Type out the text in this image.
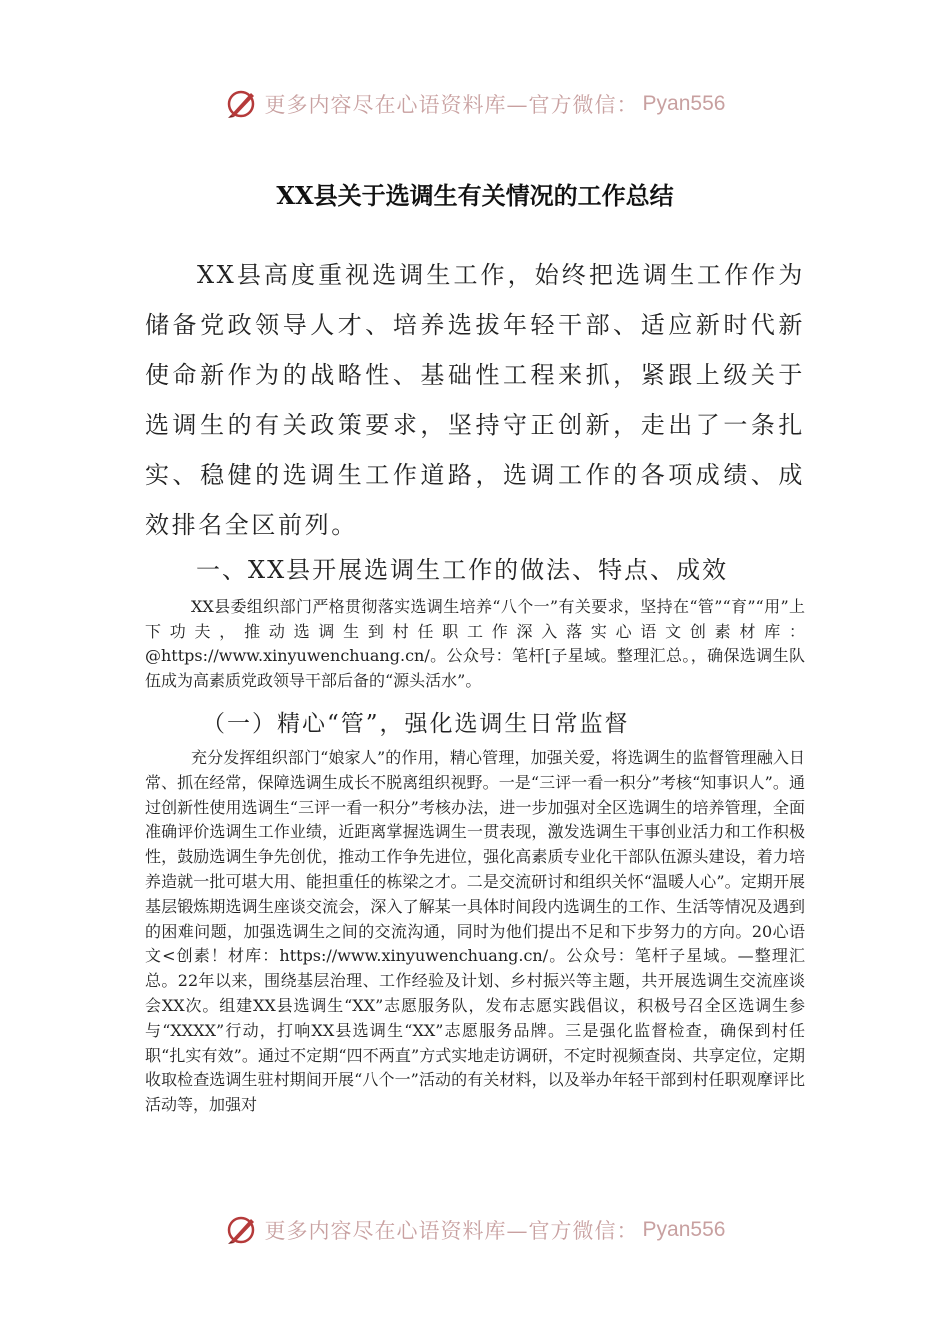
更多内容尽在心语资料库—官方微信： Pyan556
XX县关于选调生有关情况的工作总结

XX县高度重视选调生工作，始终把选调生工作作为储备党政领导人才、培养选拔年轻干部、适应新时代新使命新作为的战略性、基础性工程来抓，紧跟上级关于选调生的有关政策要求，坚持守正创新，走出了一条扎实、稳健的选调生工作道路，选调工作的各项成绩、成效排名全区前列。

一、XX县开展选调生工作的做法、特点、成效

XX县委组织部门严格贯彻落实选调生培养“八个一”有关要求，坚持在“管”“育”“用”上下功夫，推动选调生到村任职工作深入落实心语文创素材库：@https://www.xinyuwenchuang.cn/。公众号：笔杆[子星域。整理汇总。，确保选调生队伍成为高素质党政领导干部后备的“源头活水”。

（一）精心“管”，强化选调生日常监督

充分发挥组织部门“娘家人”的作用，精心管理，加强关爱，将选调生的监督管理融入日常、抓在经常，保障选调生成长不脱离组织视野。一是“三评一看一积分”考核“知事识人”。通过创新性使用选调生“三评一看一积分”考核办法，进一步加强对全区选调生的培养管理，全面准确评价选调生工作业绩，近距离掌握选调生一贯表现，激发选调生干事创业活力和工作积极性，鼓励选调生争先创优，推动工作争先进位，强化高素质专业化干部队伍源头建设，着力培养造就一批可堪大用、能担重任的栋梁之才。二是交流研讨和组织关怀“温暖人心”。定期开展基层锻炼期选调生座谈交流会，深入了解某一具体时间段内选调生的工作、生活等情况及遇到的困难问题，加强选调生之间的交流沟通，同时为他们提出不足和下步努力的方向。20心语文<创素！材库：https://www.xinyuwenchuang.cn/。公众号：笔杆子星域。—整理汇总。22年以来，围绕基层治理、工作经验及计划、乡村振兴等主题，共开展选调生交流座谈会XX次。组建XX县选调生“XX”志愿服务队，发布志愿实践倡议，积极号召全区选调生参与“XXXX”行动，打响XX县选调生“XX”志愿服务品牌。三是强化监督检查，确保到村任职“扎实有效”。通过不定期“四不两直”方式实地走访调研，不定时视频查岗、共享定位，定期收取检查选调生驻村期间开展“八个一”活动的有关材料，以及举办年轻干部到村任职观摩评比活动等，加强对

更多内容尽在心语资料库—官方微信： Pyan556
